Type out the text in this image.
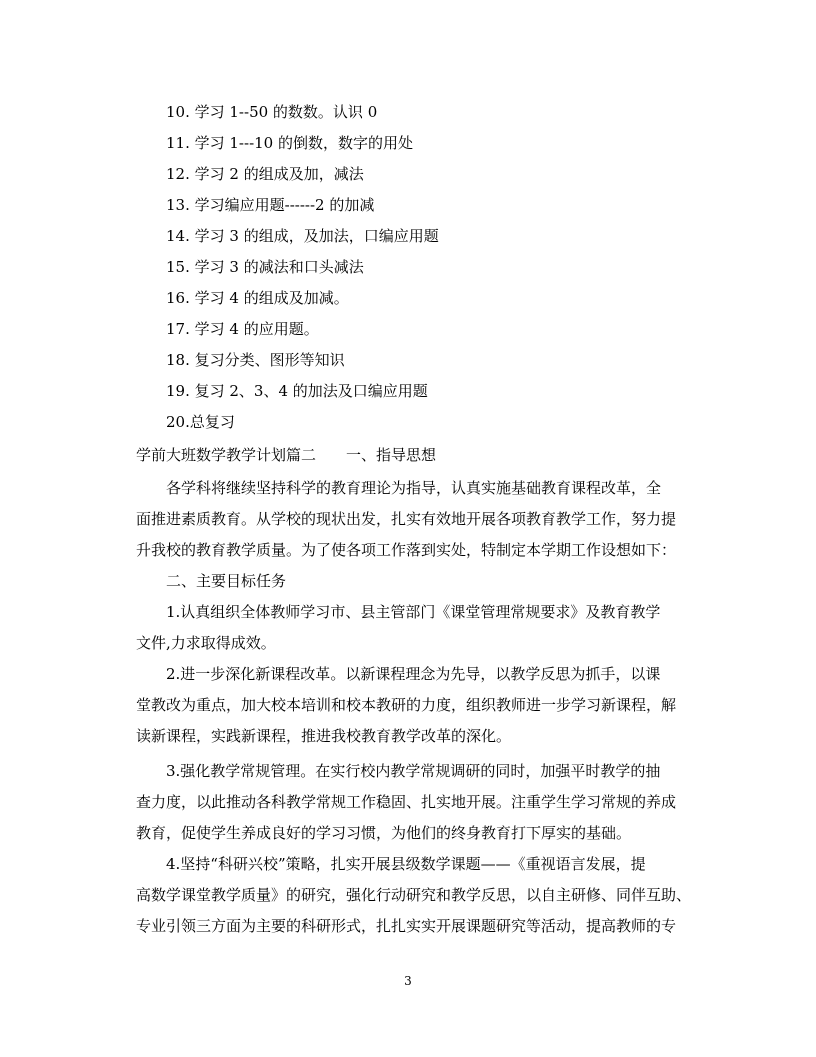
10. 学习 1--50 的数数。认识 0
11. 学习 1---10 的倒数，数字的用处
12. 学习 2 的组成及加，减法
13. 学习编应用题------2 的加减
14. 学习 3 的组成，及加法，口编应用题
15. 学习 3 的减法和口头减法
16. 学习 4 的组成及加减。
17. 学习 4 的应用题。
18. 复习分类、图形等知识
19. 复习 2、3、4 的加法及口编应用题
20.总复习
学前大班数学教学计划篇二　　一、指导思想
各学科将继续坚持科学的教育理论为指导，认真实施基础教育课程改革，全
面推进素质教育。从学校的现状出发，扎实有效地开展各项教育教学工作，努力提
升我校的教育教学质量。为了使各项工作落到实处，特制定本学期工作设想如下：
二、主要目标任务
1.认真组织全体教师学习市、县主管部门《课堂管理常规要求》及教育教学
文件,力求取得成效。
2.进一步深化新课程改革。以新课程理念为先导，以教学反思为抓手，以课
堂教改为重点，加大校本培训和校本教研的力度，组织教师进一步学习新课程，解
读新课程，实践新课程，推进我校教育教学改革的深化。
3.强化教学常规管理。在实行校内教学常规调研的同时，加强平时教学的抽
查力度，以此推动各科教学常规工作稳固、扎实地开展。注重学生学习常规的养成
教育，促使学生养成良好的学习习惯，为他们的终身教育打下厚实的基础。
4.坚持“科研兴校”策略，扎实开展县级数学课题——《重视语言发展，提
高数学课堂教学质量》的研究，强化行动研究和教学反思，以自主研修、同伴互助、
专业引领三方面为主要的科研形式，扎扎实实开展课题研究等活动，提高教师的专
3
